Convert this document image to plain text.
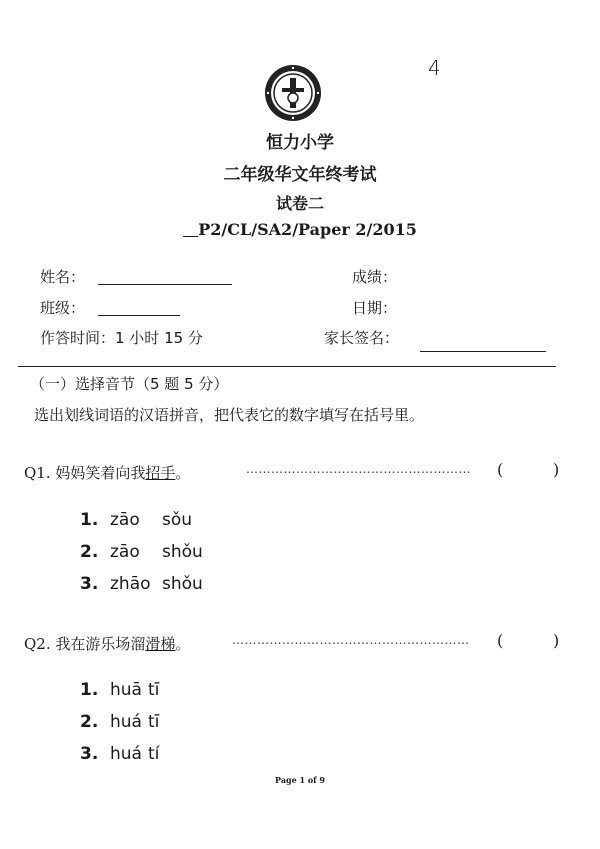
4
恒力小学
二年级华文年终考试
试卷二
P2/CL/SA2/Paper 2/2015
姓名：	成绩：
班级：	日期：
作答时间：1 小时 15 分	家长签名：
（一）选择音节（5 题 5 分）
选出划线词语的汉语拼音，把代表它的数字填写在括号里。
Q1. 妈妈笑着向我招手。	………………………………………………	(	)
1. zāo sǒu
2. zāo shǒu
3. zhāo shǒu
Q2. 我在游乐场溜滑梯。	…………………………………………………	(	)
1. huā tī
2. huá tī
3. huá tí
Page 1 of 9
